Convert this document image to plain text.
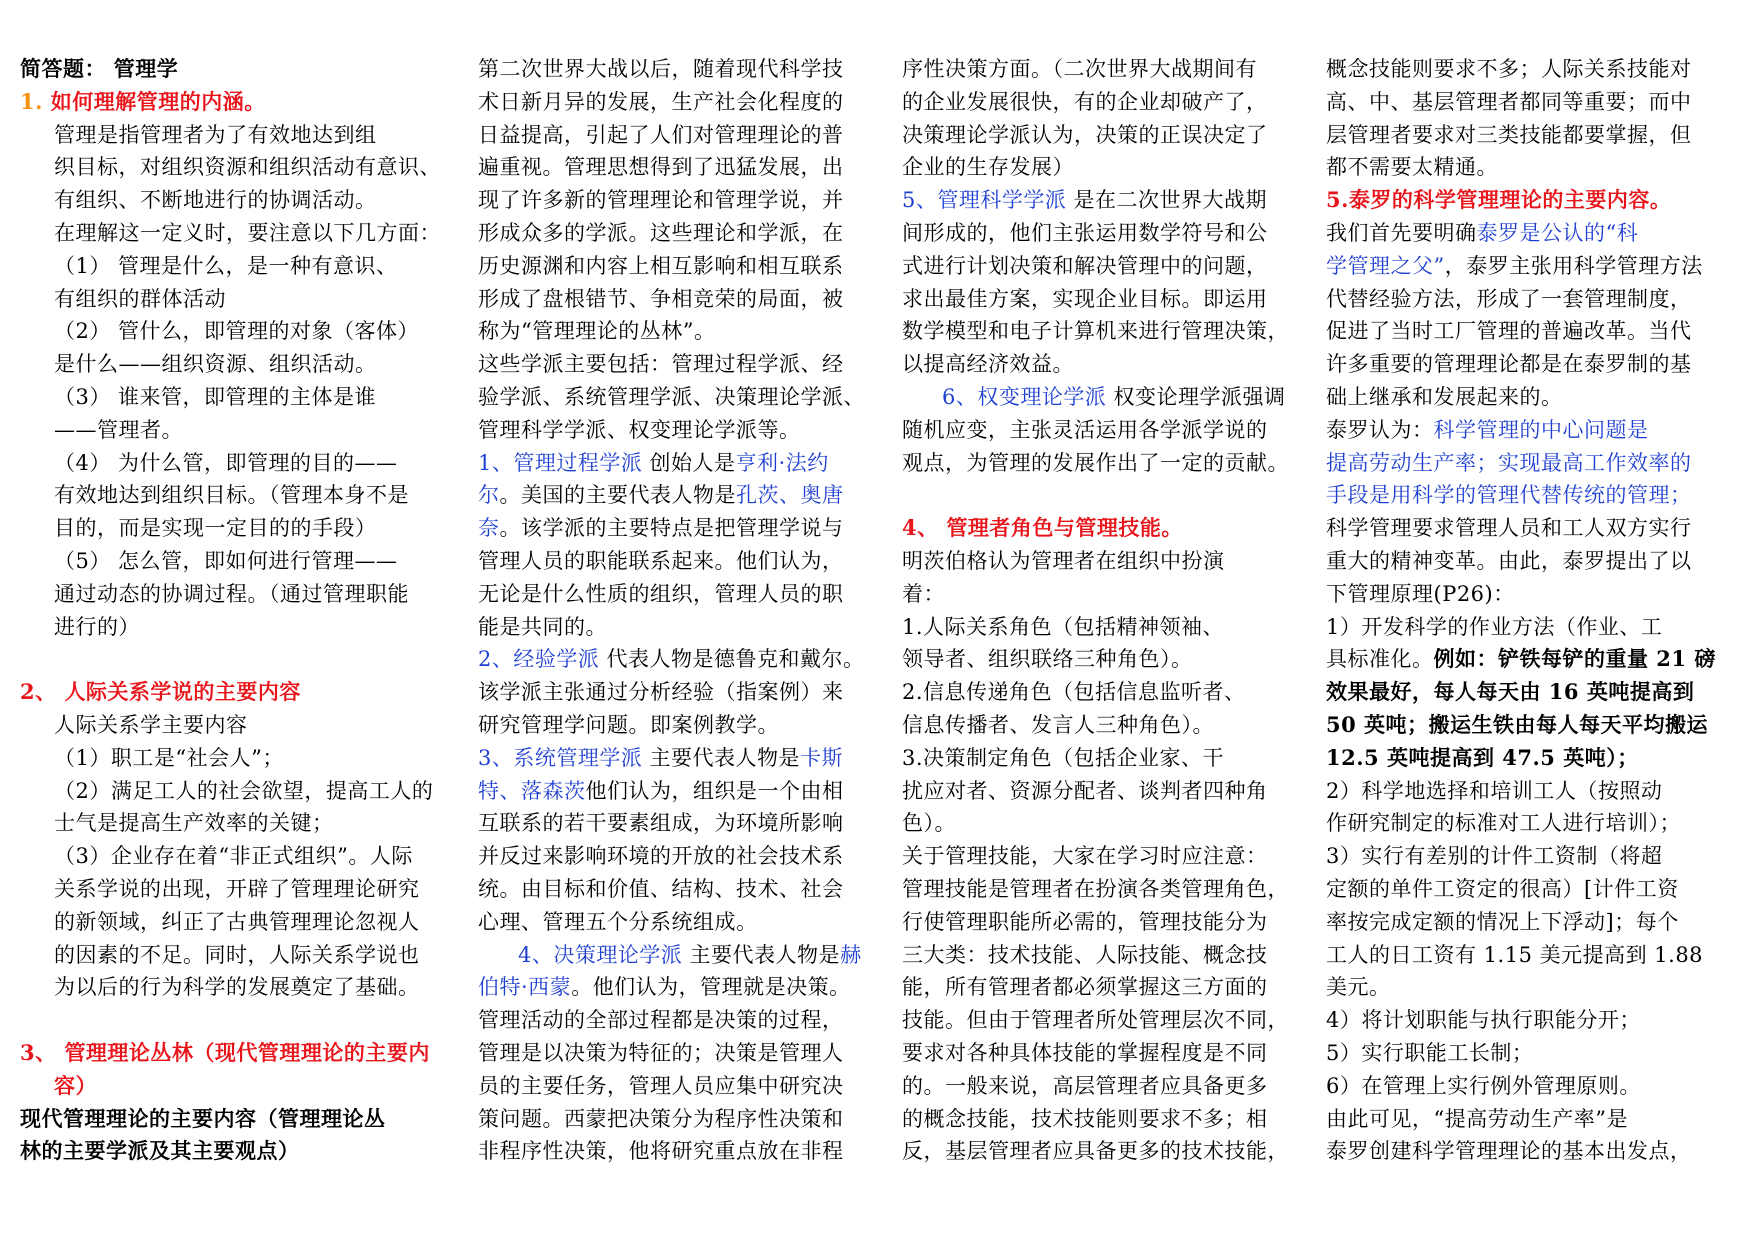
简答题： 管理学
1. 如何理解管理的内涵。
管理是指管理者为了有效地达到组
织目标，对组织资源和组织活动有意识、
有组织、不断地进行的协调活动。
在理解这一定义时，要注意以下几方面：
（1） 管理是什么，是一种有意识、
有组织的群体活动
（2） 管什么，即管理的对象（客体）
是什么——组织资源、组织活动。
（3） 谁来管，即管理的主体是谁
——管理者。
（4） 为什么管，即管理的目的——
有效地达到组织目标。（管理本身不是
目的，而是实现一定目的的手段）
（5） 怎么管，即如何进行管理——
通过动态的协调过程。（通过管理职能
进行的）
2、 人际关系学说的主要内容
人际关系学主要内容
（1）职工是“社会人”；
（2）满足工人的社会欲望，提高工人的
士气是提高生产效率的关键；
（3）企业存在着“非正式组织”。人际
关系学说的出现，开辟了管理理论研究
的新领域，纠正了古典管理理论忽视人
的因素的不足。同时，人际关系学说也
为以后的行为科学的发展奠定了基础。
3、 管理理论丛林（现代管理理论的主要内
容）
现代管理理论的主要内容（管理理论丛
林的主要学派及其主要观点）
第二次世界大战以后，随着现代科学技
术日新月异的发展，生产社会化程度的
日益提高，引起了人们对管理理论的普
遍重视。管理思想得到了迅猛发展，出
现了许多新的管理理论和管理学说，并
形成众多的学派。这些理论和学派，在
历史源渊和内容上相互影响和相互联系
形成了盘根错节、争相竞荣的局面，被
称为“管理理论的丛林”。
这些学派主要包括：管理过程学派、经
验学派、系统管理学派、决策理论学派、
管理科学学派、权变理论学派等。
1、管理过程学派 创始人是亨利·法约
尔。美国的主要代表人物是孔茨、奥唐
奈。该学派的主要特点是把管理学说与
管理人员的职能联系起来。他们认为，
无论是什么性质的组织，管理人员的职
能是共同的。
2、经验学派 代表人物是德鲁克和戴尔。
该学派主张通过分析经验（指案例）来
研究管理学问题。即案例教学。
3、系统管理学派 主要代表人物是卡斯
特、落森茨他们认为，组织是一个由相
互联系的若干要素组成，为环境所影响
并反过来影响环境的开放的社会技术系
统。由目标和价值、结构、技术、社会
心理、管理五个分系统组成。
4、决策理论学派 主要代表人物是赫
伯特·西蒙。他们认为，管理就是决策。
管理活动的全部过程都是决策的过程，
管理是以决策为特征的；决策是管理人
员的主要任务，管理人员应集中研究决
策问题。西蒙把决策分为程序性决策和
非程序性决策，他将研究重点放在非程
序性决策方面。（二次世界大战期间有
的企业发展很快，有的企业却破产了，
决策理论学派认为，决策的正误决定了
企业的生存发展）
5、管理科学学派 是在二次世界大战期
间形成的，他们主张运用数学符号和公
式进行计划决策和解决管理中的问题，
求出最佳方案，实现企业目标。即运用
数学模型和电子计算机来进行管理决策，
以提高经济效益。
6、权变理论学派 权变论理学派强调
随机应变，主张灵活运用各学派学说的
观点，为管理的发展作出了一定的贡献。
4、 管理者角色与管理技能。
明茨伯格认为管理者在组织中扮演
着：
1.人际关系角色（包括精神领袖、
领导者、组织联络三种角色）。
2.信息传递角色（包括信息监听者、
信息传播者、发言人三种角色）。
3.决策制定角色（包括企业家、干
扰应对者、资源分配者、谈判者四种角
色）。
关于管理技能，大家在学习时应注意：
管理技能是管理者在扮演各类管理角色，
行使管理职能所必需的，管理技能分为
三大类：技术技能、人际技能、概念技
能，所有管理者都必须掌握这三方面的
技能。但由于管理者所处管理层次不同，
要求对各种具体技能的掌握程度是不同
的。一般来说，高层管理者应具备更多
的概念技能，技术技能则要求不多；相
反，基层管理者应具备更多的技术技能，
概念技能则要求不多；人际关系技能对
高、中、基层管理者都同等重要；而中
层管理者要求对三类技能都要掌握，但
都不需要太精通。
5.泰罗的科学管理理论的主要内容。
我们首先要明确泰罗是公认的“科
学管理之父”，泰罗主张用科学管理方法
代替经验方法，形成了一套管理制度，
促进了当时工厂管理的普遍改革。当代
许多重要的管理理论都是在泰罗制的基
础上继承和发展起来的。
泰罗认为：科学管理的中心问题是
提高劳动生产率；实现最高工作效率的
手段是用科学的管理代替传统的管理；
科学管理要求管理人员和工人双方实行
重大的精神变革。由此，泰罗提出了以
下管理原理(P26)：
1）开发科学的作业方法（作业、工
具标准化。例如：铲铁每铲的重量 21 磅
效果最好，每人每天由 16 英吨提高到
50 英吨；搬运生铁由每人每天平均搬运
12.5 英吨提高到 47.5 英吨）；
2）科学地选择和培训工人（按照动
作研究制定的标准对工人进行培训）；
3）实行有差别的计件工资制（将超
定额的单件工资定的很高）[计件工资
率按完成定额的情况上下浮动]；每个
工人的日工资有 1.15 美元提高到 1.88
美元。
4）将计划职能与执行职能分开；
5）实行职能工长制；
6）在管理上实行例外管理原则。
由此可见，“提高劳动生产率”是
泰罗创建科学管理理论的基本出发点，
